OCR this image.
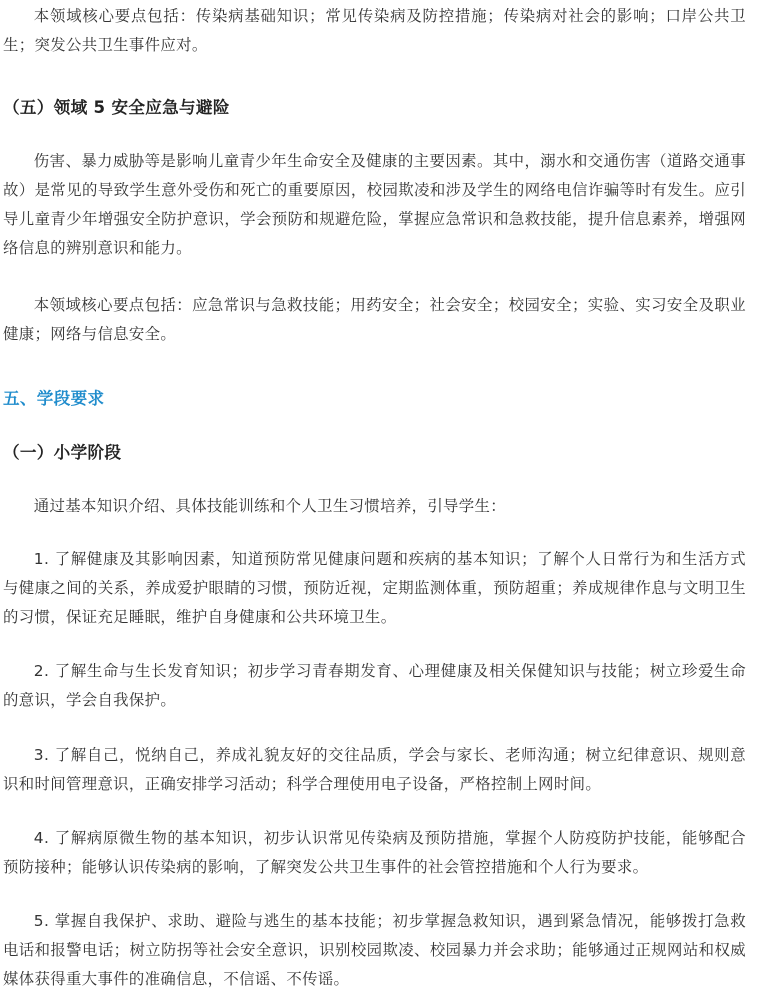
本领域核心要点包括：传染病基础知识；常见传染病及防控措施；传染病对社会的影响；口岸公共卫生；突发公共卫生事件应对。

（五）领域 5 安全应急与避险

伤害、暴力威胁等是影响儿童青少年生命安全及健康的主要因素。其中，溺水和交通伤害（道路交通事故）是常见的导致学生意外受伤和死亡的重要原因，校园欺凌和涉及学生的网络电信诈骗等时有发生。应引导儿童青少年增强安全防护意识，学会预防和规避危险，掌握应急常识和急救技能，提升信息素养，增强网络信息的辨别意识和能力。

本领域核心要点包括：应急常识与急救技能；用药安全；社会安全；校园安全；实验、实习安全及职业健康；网络与信息安全。

五、学段要求

（一）小学阶段

通过基本知识介绍、具体技能训练和个人卫生习惯培养，引导学生：

1. 了解健康及其影响因素，知道预防常见健康问题和疾病的基本知识；了解个人日常行为和生活方式与健康之间的关系，养成爱护眼睛的习惯，预防近视，定期监测体重，预防超重；养成规律作息与文明卫生的习惯，保证充足睡眠，维护自身健康和公共环境卫生。

2. 了解生命与生长发育知识；初步学习青春期发育、心理健康及相关保健知识与技能；树立珍爱生命的意识，学会自我保护。

3. 了解自己，悦纳自己，养成礼貌友好的交往品质，学会与家长、老师沟通；树立纪律意识、规则意识和时间管理意识，正确安排学习活动；科学合理使用电子设备，严格控制上网时间。

4. 了解病原微生物的基本知识，初步认识常见传染病及预防措施，掌握个人防疫防护技能，能够配合预防接种；能够认识传染病的影响，了解突发公共卫生事件的社会管控措施和个人行为要求。

5. 掌握自我保护、求助、避险与逃生的基本技能；初步掌握急救知识，遇到紧急情况，能够拨打急救电话和报警电话；树立防拐等社会安全意识，识别校园欺凌、校园暴力并会求助；能够通过正规网站和权威媒体获得重大事件的准确信息，不信谣、不传谣。
